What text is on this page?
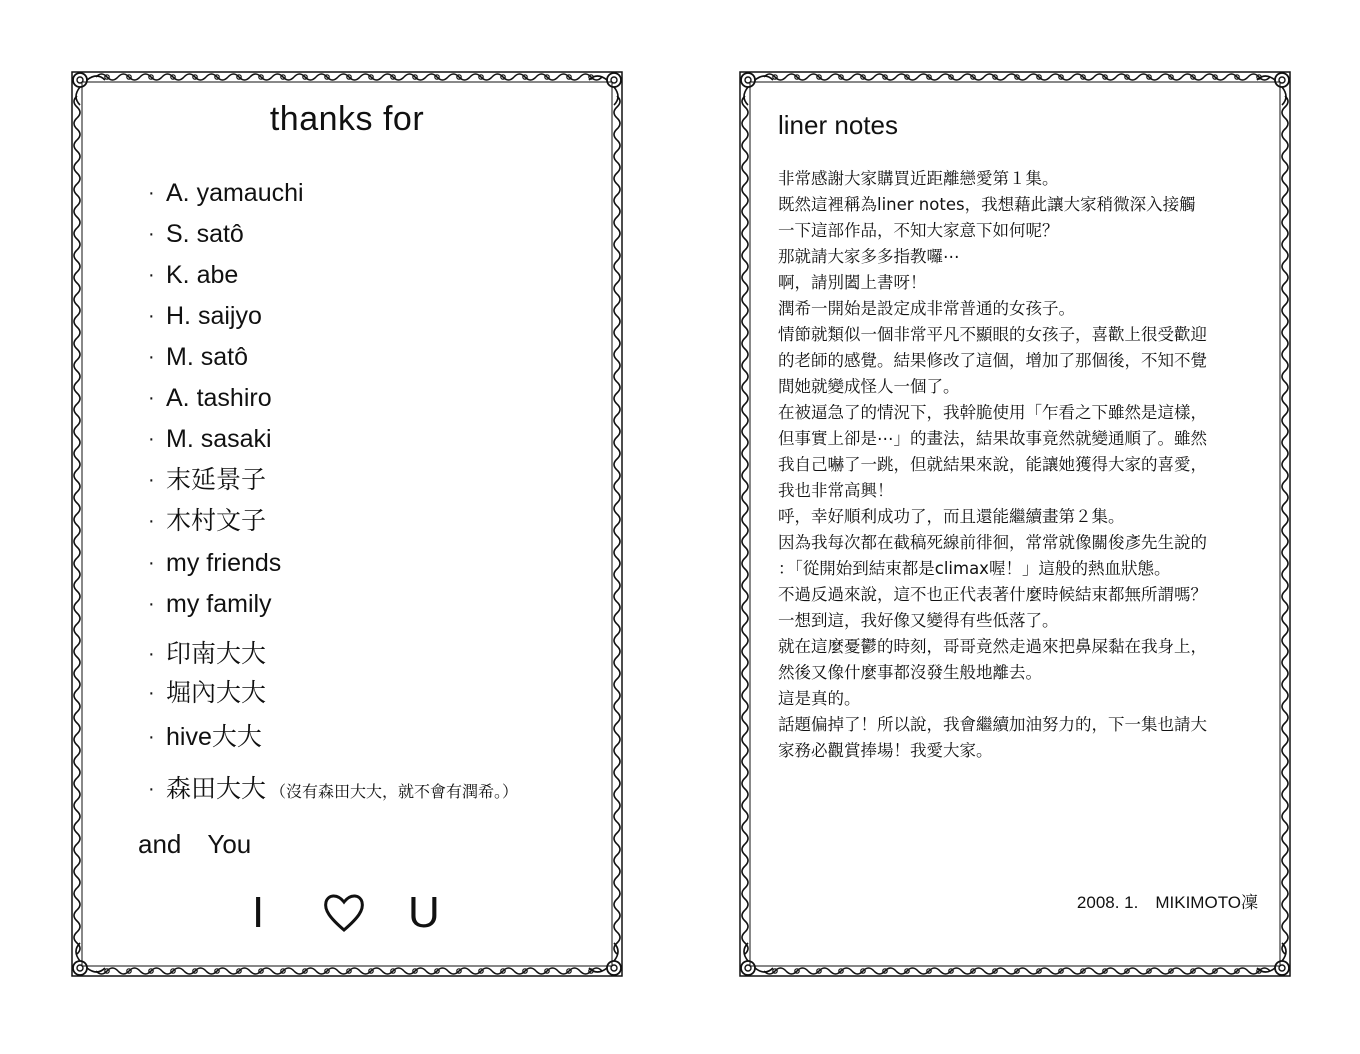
thanks for
· A. yamauchi
· S. satô
· K. abe
· H. saijyo
· M. satô
· A. tashiro
· M. sasaki
· 末延景子
· 木村文子
· my friends
· my family
· 印南大大
· 堀內大大
· hive大大
· 森田大大 （沒有森田大大，就不會有潤希。）
and　You
I	U
liner notes
非常感謝大家購買近距離戀愛第１集。
既然這裡稱為liner notes，我想藉此讓大家稍微深入接觸
一下這部作品，不知大家意下如何呢？
那就請大家多多指教囉⋯
啊，請別闔上書呀！
潤希一開始是設定成非常普通的女孩子。
情節就類似一個非常平凡不顯眼的女孩子，喜歡上很受歡迎
的老師的感覺。結果修改了這個，增加了那個後，不知不覺
間她就變成怪人一個了。
在被逼急了的情況下，我幹脆使用「乍看之下雖然是這樣，
但事實上卻是⋯」的畫法，結果故事竟然就變通順了。雖然
我自己嚇了一跳，但就結果來說，能讓她獲得大家的喜愛，
我也非常高興！
呼，幸好順利成功了，而且還能繼續畫第２集。
因為我每次都在截稿死線前徘徊，常常就像關俊彥先生說的
：「從開始到結束都是climax喔！」這般的熱血狀態。
不過反過來說，這不也正代表著什麼時候結束都無所謂嗎？
一想到這，我好像又變得有些低落了。
就在這麼憂鬱的時刻，哥哥竟然走過來把鼻屎黏在我身上，
然後又像什麼事都沒發生般地離去。
這是真的。
話題偏掉了！所以說，我會繼續加油努力的，下一集也請大
家務必觀賞捧場！我愛大家。
2008. 1.　MIKIMOTO凜
